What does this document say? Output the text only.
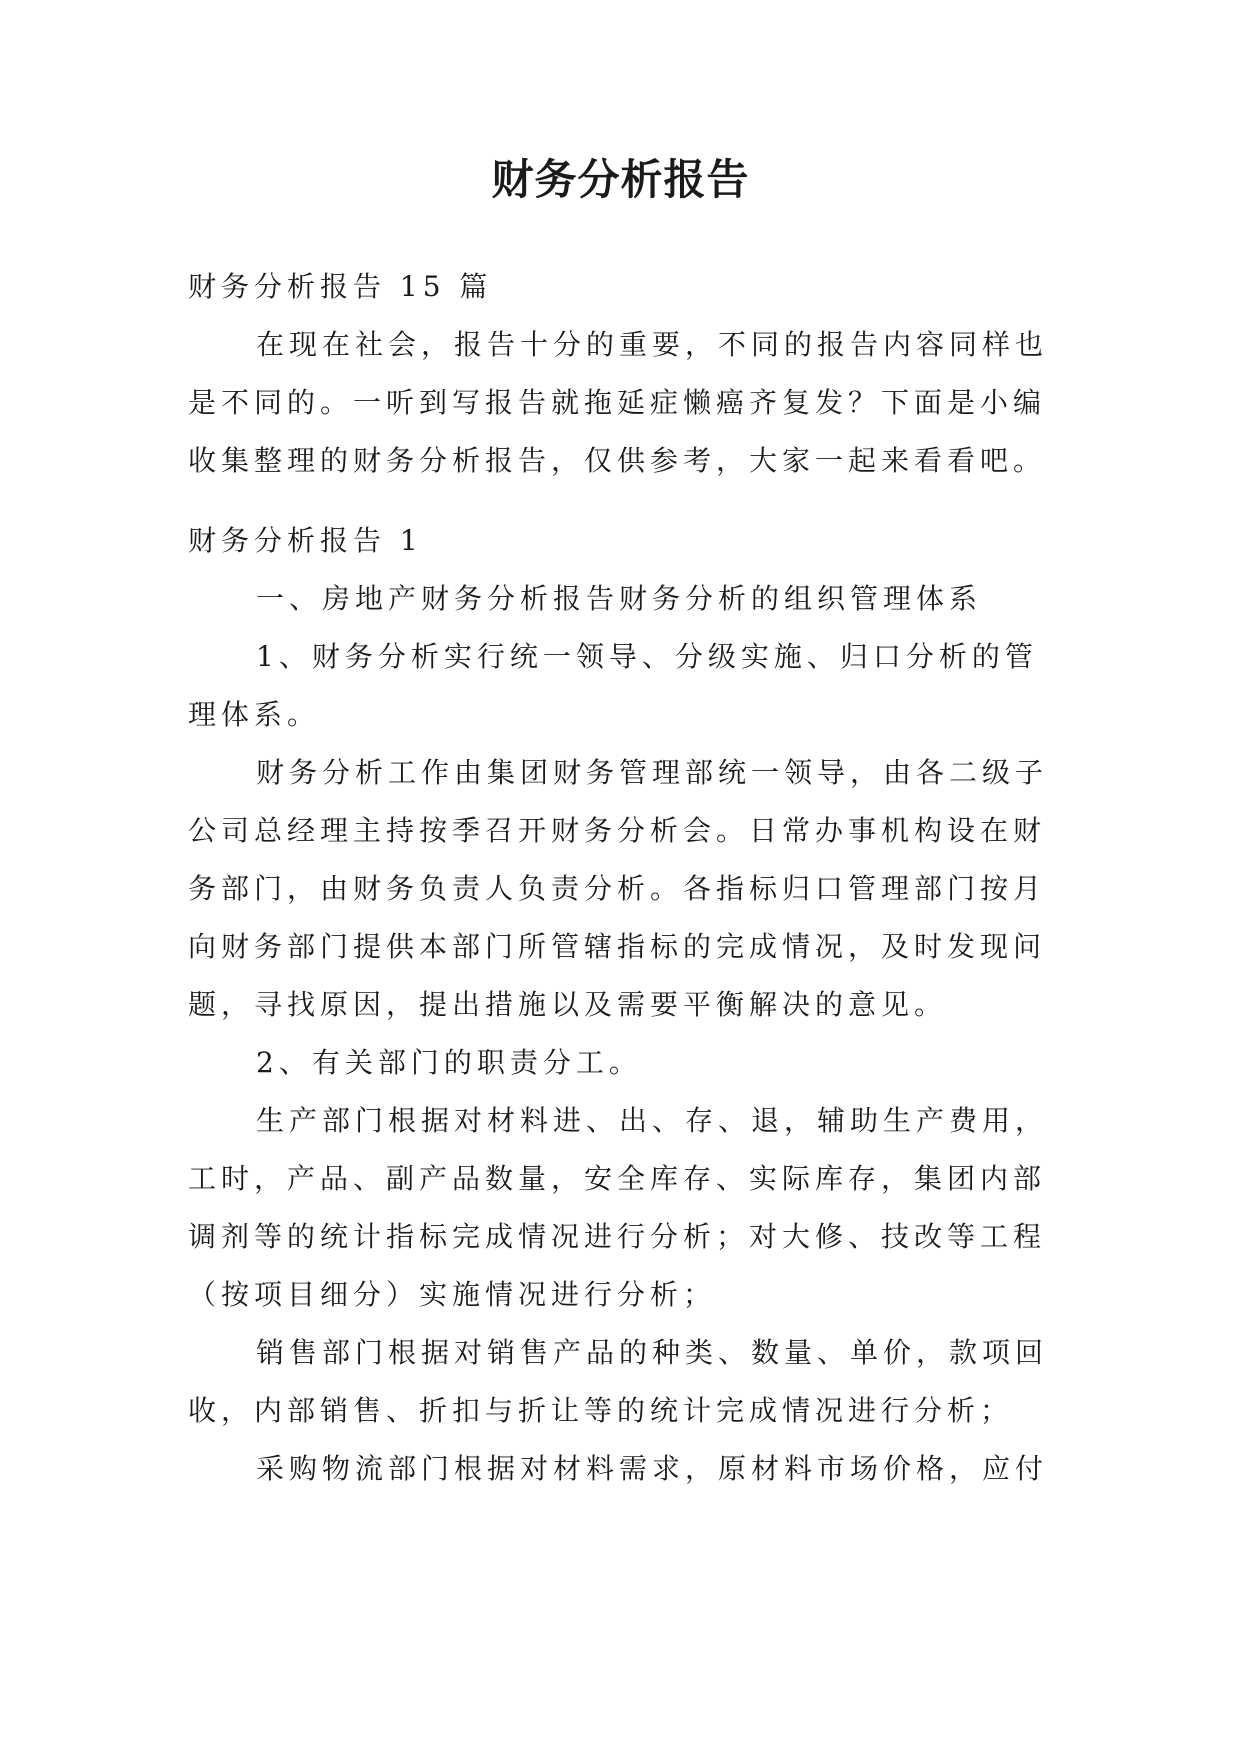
财务分析报告
财务分析报告 15 篇
在现在社会，报告十分的重要，不同的报告内容同样也
是不同的。一听到写报告就拖延症懒癌齐复发？下面是小编
收集整理的财务分析报告，仅供参考，大家一起来看看吧。
财务分析报告 1
一、房地产财务分析报告财务分析的组织管理体系
1、财务分析实行统一领导、分级实施、归口分析的管
理体系。
财务分析工作由集团财务管理部统一领导，由各二级子
公司总经理主持按季召开财务分析会。日常办事机构设在财
务部门，由财务负责人负责分析。各指标归口管理部门按月
向财务部门提供本部门所管辖指标的完成情况，及时发现问
题，寻找原因，提出措施以及需要平衡解决的意见。
2、有关部门的职责分工。
生产部门根据对材料进、出、存、退，辅助生产费用，
工时，产品、副产品数量，安全库存、实际库存，集团内部
调剂等的统计指标完成情况进行分析；对大修、技改等工程
（按项目细分）实施情况进行分析；
销售部门根据对销售产品的种类、数量、单价，款项回
收，内部销售、折扣与折让等的统计完成情况进行分析；
采购物流部门根据对材料需求，原材料市场价格，应付
